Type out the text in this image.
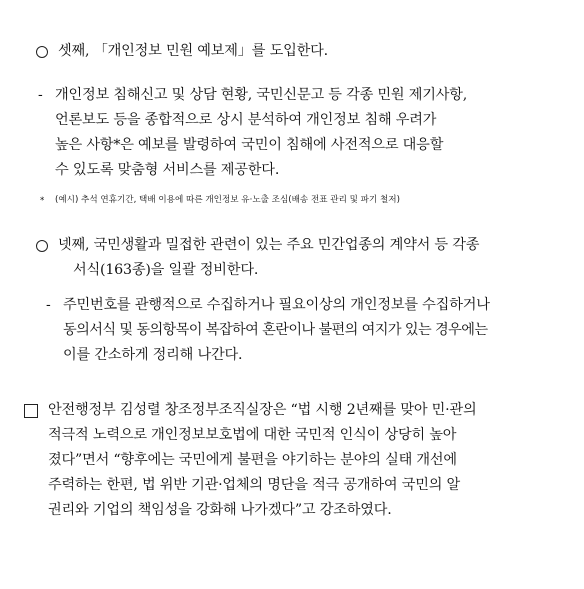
셋째, 「개인정보 민원 예보제」를 도입한다.
- 개인정보 침해신고 및 상담 현황, 국민신문고 등 각종 민원 제기사항,
언론보도 등을 종합적으로 상시 분석하여 개인정보 침해 우려가
높은 사항*은 예보를 발령하여 국민이 침해에 사전적으로 대응할
수 있도록 맞춤형 서비스를 제공한다.
* (예시) 추석 연휴기간, 택배 이용에 따른 개인정보 유·노출 조심(배송 전표 관리 및 파기 철저)
넷째, 국민생활과 밀접한 관련이 있는 주요 민간업종의 계약서 등 각종
서식(163종)을 일괄 정비한다.
- 주민번호를 관행적으로 수집하거나 필요이상의 개인정보를 수집하거나
동의서식 및 동의항목이 복잡하여 혼란이나 불편의 여지가 있는 경우에는
이를 간소하게 정리해 나간다.
안전행정부 김성렬 창조정부조직실장은 “법 시행 2년째를 맞아 민·관의
적극적 노력으로 개인정보보호법에 대한 국민적 인식이 상당히 높아
졌다”면서 “향후에는 국민에게 불편을 야기하는 분야의 실태 개선에
주력하는 한편, 법 위반 기관·업체의 명단을 적극 공개하여 국민의 알
권리와 기업의 책임성을 강화해 나가겠다”고 강조하였다.
